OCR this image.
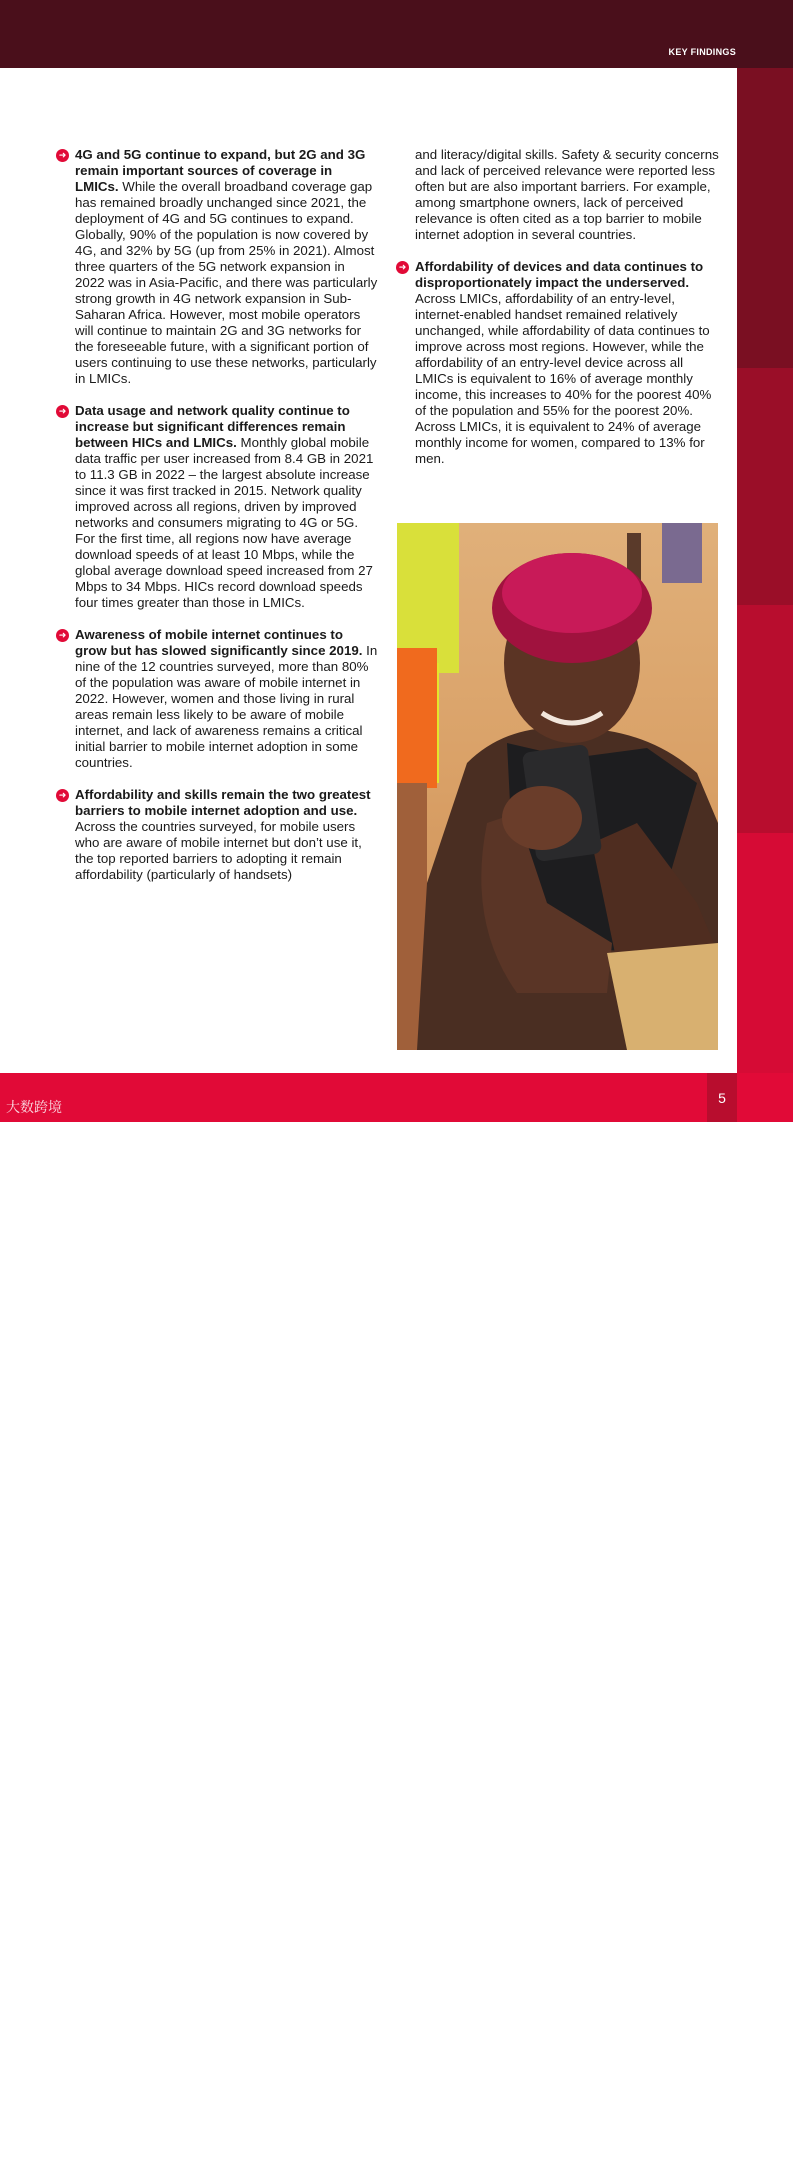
KEY FINDINGS
➜ 4G and 5G continue to expand, but 2G and 3G remain important sources of coverage in LMICs. While the overall broadband coverage gap has remained broadly unchanged since 2021, the deployment of 4G and 5G continues to expand. Globally, 90% of the population is now covered by 4G, and 32% by 5G (up from 25% in 2021). Almost three quarters of the 5G network expansion in 2022 was in Asia-Pacific, and there was particularly strong growth in 4G network expansion in Sub-Saharan Africa. However, most mobile operators will continue to maintain 2G and 3G networks for the foreseeable future, with a significant portion of users continuing to use these networks, particularly in LMICs.

➜ Data usage and network quality continue to increase but significant differences remain between HICs and LMICs. Monthly global mobile data traffic per user increased from 8.4 GB in 2021 to 11.3 GB in 2022 – the largest absolute increase since it was first tracked in 2015. Network quality improved across all regions, driven by improved networks and consumers migrating to 4G or 5G. For the first time, all regions now have average download speeds of at least 10 Mbps, while the global average download speed increased from 27 Mbps to 34 Mbps. HICs record download speeds four times greater than those in LMICs.

➜ Awareness of mobile internet continues to grow but has slowed significantly since 2019. In nine of the 12 countries surveyed, more than 80% of the population was aware of mobile internet in 2022. However, women and those living in rural areas remain less likely to be aware of mobile internet, and lack of awareness remains a critical initial barrier to mobile internet adoption in some countries.

➜ Affordability and skills remain the two greatest barriers to mobile internet adoption and use. Across the countries surveyed, for mobile users who are aware of mobile internet but don’t use it, the top reported barriers to adopting it remain affordability (particularly of handsets)

and literacy/digital skills. Safety & security concerns and lack of perceived relevance were reported less often but are also important barriers. For example, among smartphone owners, lack of perceived relevance is often cited as a top barrier to mobile internet adoption in several countries.

➜ Affordability of devices and data continues to disproportionately impact the underserved. Across LMICs, affordability of an entry-level, internet-enabled handset remained relatively unchanged, while affordability of data continues to improve across most regions. However, while the affordability of an entry-level device across all LMICs is equivalent to 16% of average monthly income, this increases to 40% for the poorest 40% of the population and 55% for the poorest 20%. Across LMICs, it is equivalent to 24% of average monthly income for women, compared to 13% for men.

GSMA
大数跨境
5
